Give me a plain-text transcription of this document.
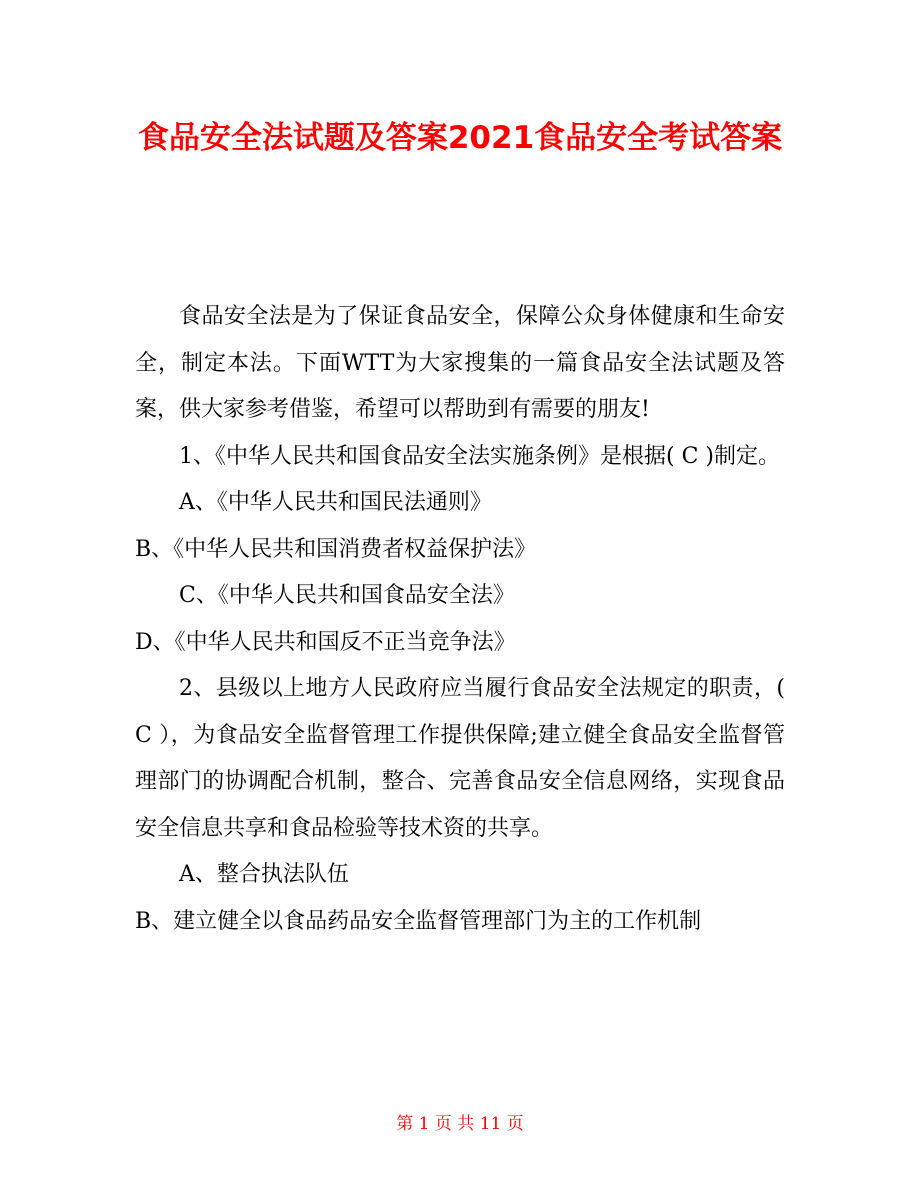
食品安全法试题及答案2021食品安全考试答案

食品安全法是为了保证食品安全，保障公众身体健康和生命安全，制定本法。下面WTT为大家搜集的一篇食品安全法试题及答案，供大家参考借鉴，希望可以帮助到有需要的朋友!

1、《中华人民共和国食品安全法实施条例》是根据( C )制定。

A、《中华人民共和国民法通则》

B、《中华人民共和国消费者权益保护法》

C、《中华人民共和国食品安全法》

D、《中华人民共和国反不正当竞争法》

2、县级以上地方人民政府应当履行食品安全法规定的职责，( C ），为食品安全监督管理工作提供保障;建立健全食品安全监督管理部门的协调配合机制，整合、完善食品安全信息网络，实现食品安全信息共享和食品检验等技术资的共享。

A、整合执法队伍

B、建立健全以食品药品安全监督管理部门为主的工作机制

第 1 页 共 11 页
